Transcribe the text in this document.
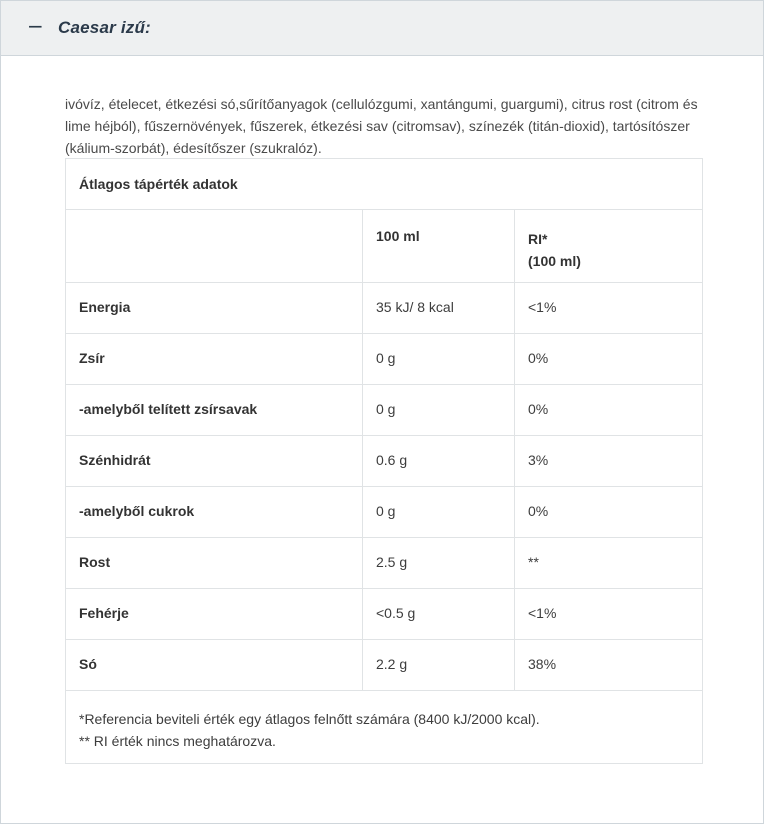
− Caesar izű:
ivóvíz, ételecet, étkezési só,sűrítőanyagok (cellulózgumi, xantángumi, guargumi), citrus rost (citrom és lime héjból), fűszernövények, fűszerek, étkezési sav (citromsav), színezék (titán-dioxid), tartósítószer (kálium-szorbát), édesítőszer (szukralóz).
Átlagos tápérték adatok		
	100 ml	RI*
(100 ml)

Energia	35 kJ/ 8 kcal	<1%
Zsír	0 g	0%
-amelyből telített zsírsavak	0 g	0%
Szénhidrát	0.6 g	3%
-amelyből cukrok	0 g	0%
Rost	2.5 g	**
Fehérje	<0.5 g	<1%
Só	2.2 g	38%

*Referencia beviteli érték egy átlagos felnőtt számára (8400 kJ/2000 kcal).
** RI érték nincs meghatározva.		
